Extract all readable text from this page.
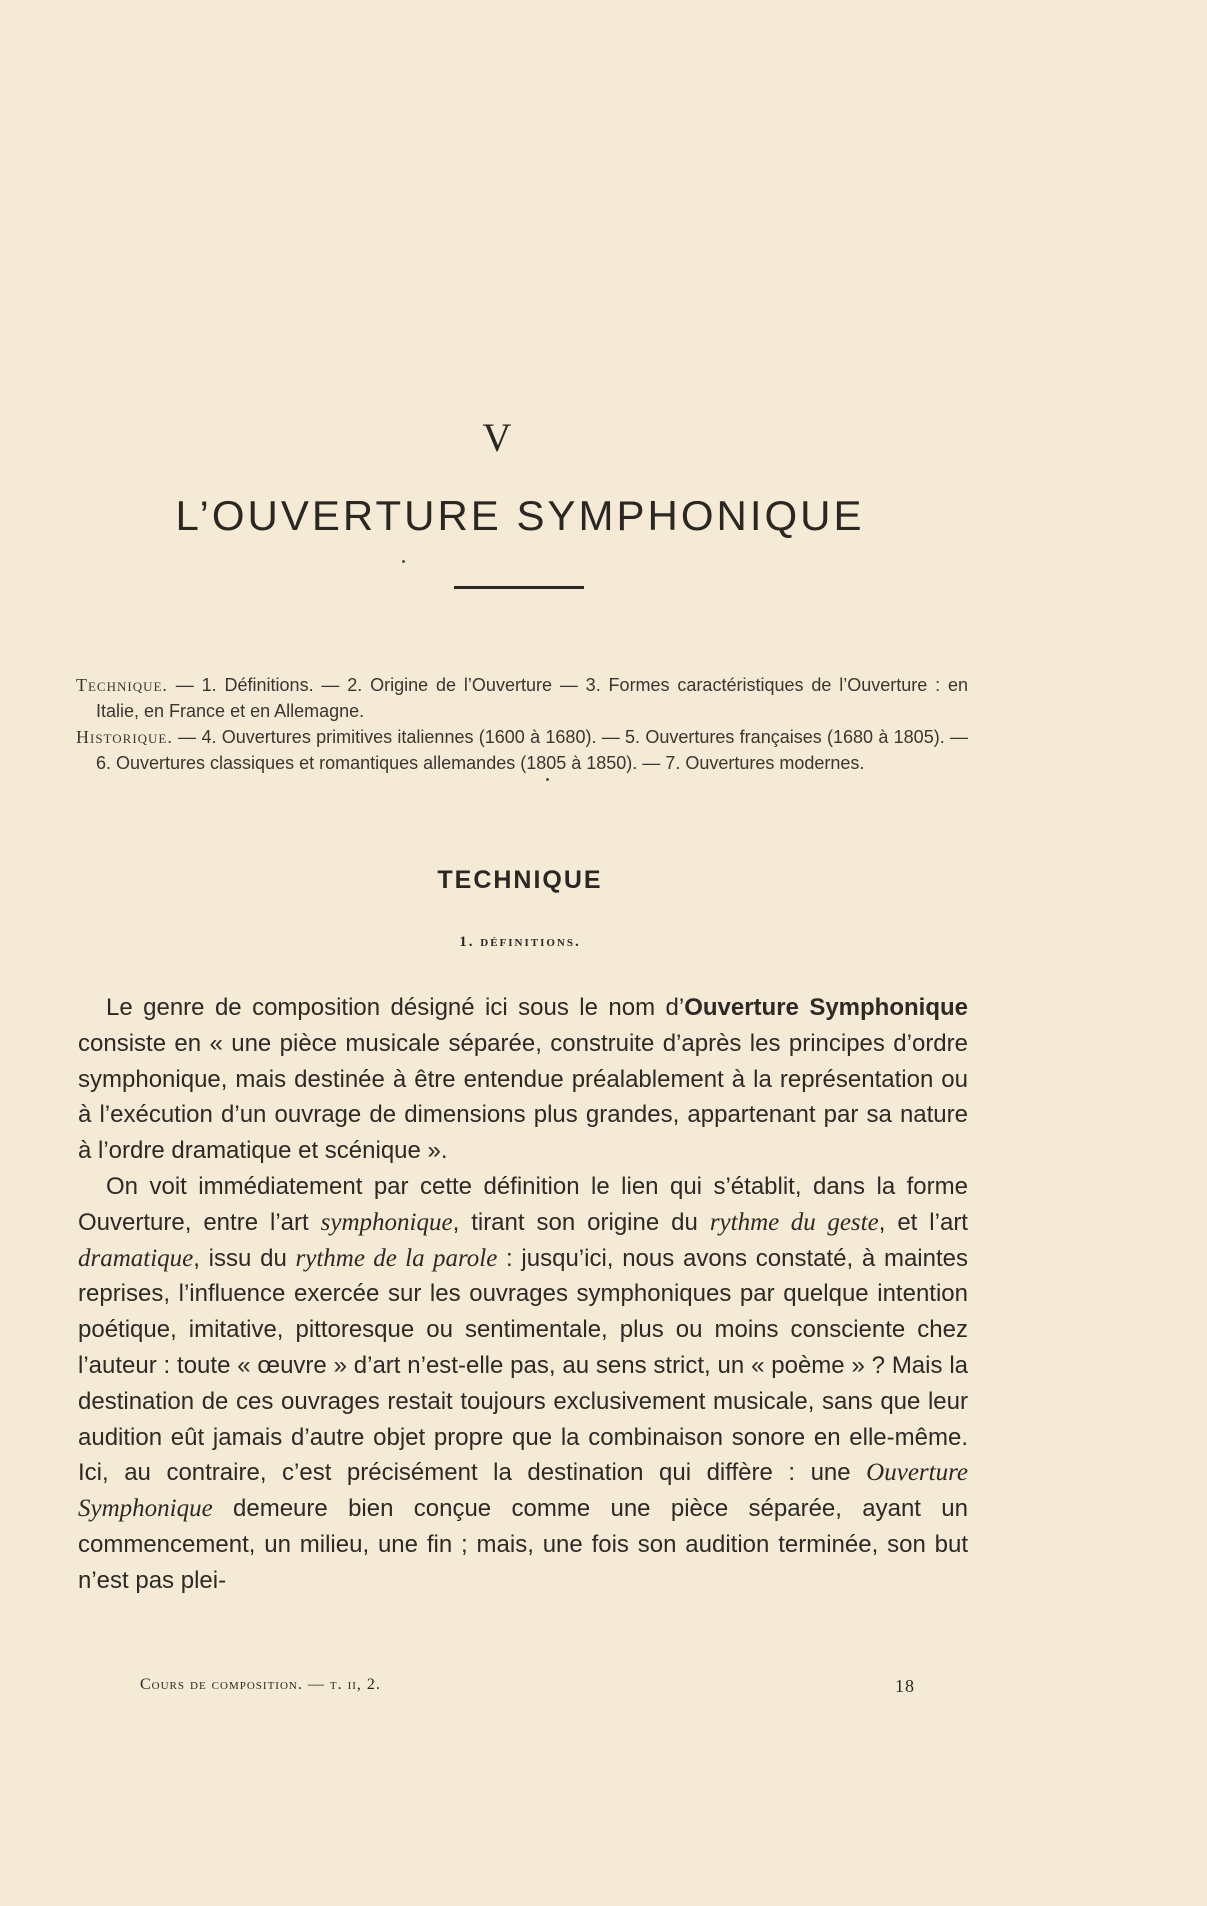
V
L’OUVERTURE SYMPHONIQUE

Technique. — 1. Définitions. — 2. Origine de l’Ouverture — 3. Formes caractéristiques de l’Ouverture : en Italie, en France et en Allemagne.

Historique. — 4. Ouvertures primitives italiennes (1600 à 1680). — 5. Ouvertures françaises (1680 à 1805). — 6. Ouvertures classiques et romantiques allemandes (1805 à 1850). — 7. Ouvertures modernes.

TECHNIQUE
1. définitions.

Le genre de composition désigné ici sous le nom d’Ouverture Symphonique consiste en « une pièce musicale séparée, construite d’après les principes d’ordre symphonique, mais destinée à être entendue préalablement à la représentation ou à l’exécution d’un ouvrage de dimensions plus grandes, appartenant par sa nature à l’ordre dramatique et scénique ».

On voit immédiatement par cette définition le lien qui s’établit, dans la forme Ouverture, entre l’art symphonique, tirant son origine du rythme du geste, et l’art dramatique, issu du rythme de la parole : jusqu’ici, nous avons constaté, à maintes reprises, l’influence exercée sur les ouvrages symphoniques par quelque intention poétique, imitative, pittoresque ou sentimentale, plus ou moins consciente chez l’auteur : toute « œuvre » d’art n’est-elle pas, au sens strict, un « poème » ? Mais la destination de ces ouvrages restait toujours exclusivement musicale, sans que leur audition eût jamais d’autre objet propre que la combinaison sonore en elle-même. Ici, au contraire, c’est précisément la destination qui diffère : une Ouverture Symphonique demeure bien conçue comme une pièce séparée, ayant un commencement, un milieu, une fin ; mais, une fois son audition terminée, son but n’est pas plei-

Cours de composition. — t. ii, 2.	18
